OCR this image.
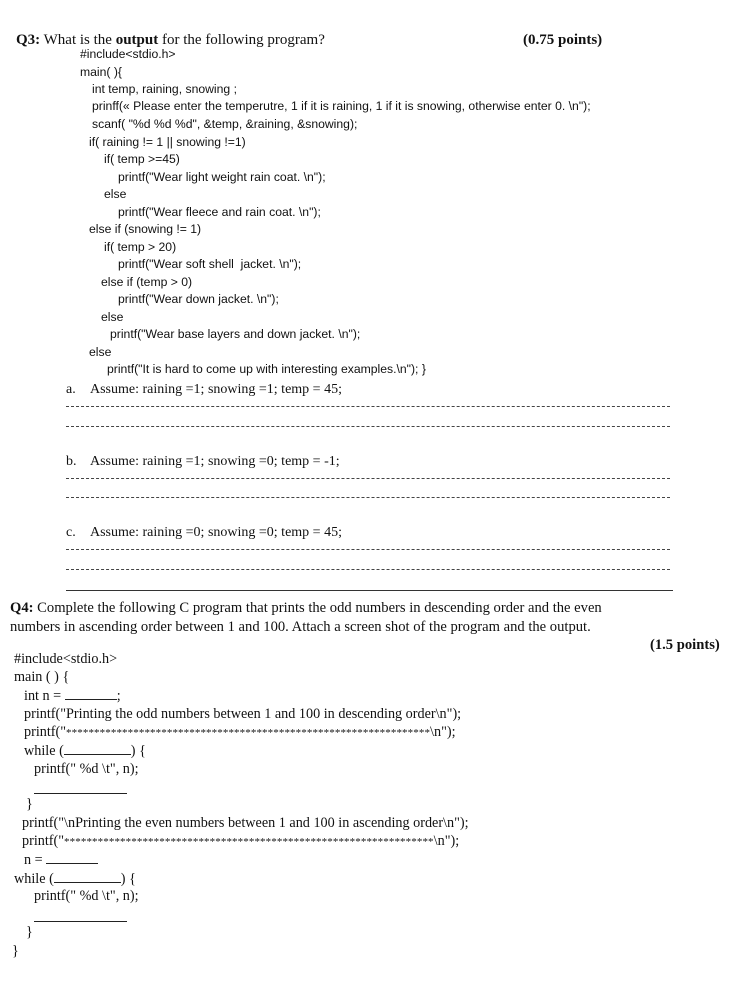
Q3: What is the output for the following program?	(0.75 points)
#include<stdio.h>
main( ){
int temp, raining, snowing ;
prinff(« Please enter the temperutre, 1 if it is raining, 1 if it is snowing, otherwise enter 0. \n");
scanf( "%d %d %d", &temp, &raining, &snowing);
if( raining != 1 || snowing !=1)
if( temp >=45)
printf("Wear light weight rain coat. \n");
else
printf("Wear fleece and rain coat. \n");
else if (snowing != 1)
if( temp > 20)
printf("Wear soft shell  jacket. \n");
else if (temp > 0)
printf("Wear down jacket. \n");
else
printf("Wear base layers and down jacket. \n");
else
printf("It is hard to come up with interesting examples.\n"); }
a. Assume: raining =1; snowing =1; temp = 45;
b. Assume: raining =1; snowing =0; temp = -1;
c. Assume: raining =0; snowing =0; temp = 45;
Q4: Complete the following C program that prints the odd numbers in descending order and the even
numbers in ascending order between 1 and 100. Attach a screen shot of the program and the output.
(1.5 points)
#include<stdio.h>
main ( ) {
int n =	;
printf("Printing the odd numbers between 1 and 100 in descending order\n");
printf("*****************************************************************\n");
while (	) {
printf(" %d \t", n);
}
printf("\nPrinting the even numbers between 1 and 100 in ascending order\n");
printf("******************************************************************\n");
n =
while (	) {
printf(" %d \t", n);
}
}
